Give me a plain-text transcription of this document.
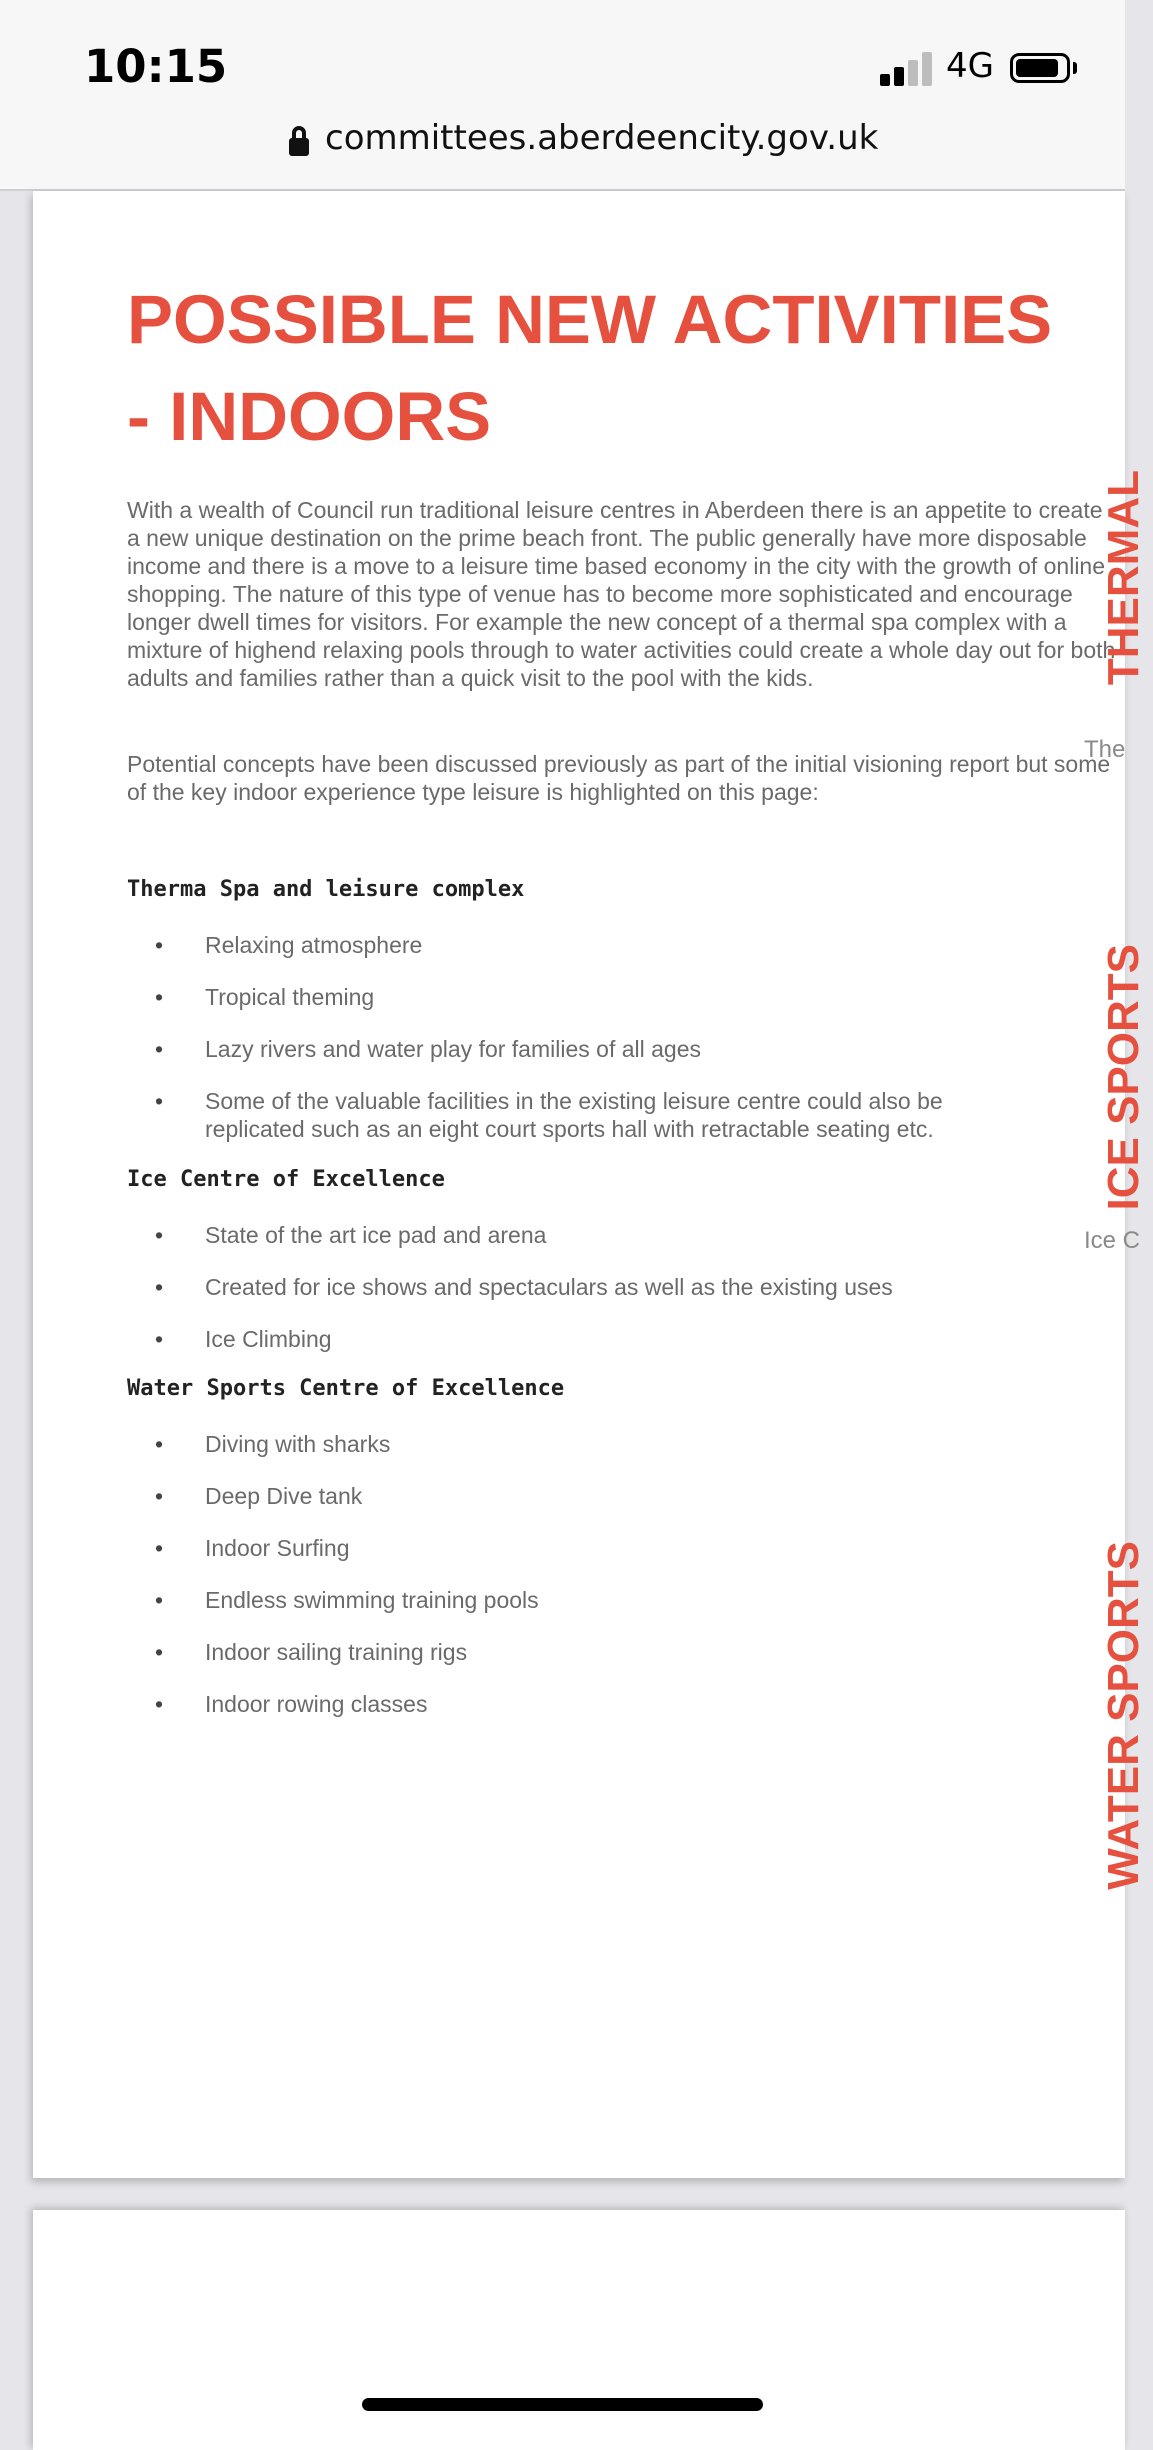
10:15	4G
committees.aberdeencity.gov.uk
POSSIBLE NEW ACTIVITIES - INDOORS

With a wealth of Council run traditional leisure centres in Aberdeen there is an appetite to create a new unique destination on the prime beach front. The public generally have more disposable income and there is a move to a leisure time based economy in the city with the growth of online shopping. The nature of this type of venue has to become more sophisticated and encourage longer dwell times for visitors. For example the new concept of a thermal spa complex with a mixture of highend relaxing pools through to water activities could create a whole day out for both adults and families rather than a quick visit to the pool with the kids.

Potential concepts have been discussed previously as part of the initial visioning report but some of the key indoor experience type leisure is highlighted on this page:

Therma Spa and leisure complex
• Relaxing atmosphere
• Tropical theming
• Lazy rivers and water play for families of all ages
• Some of the valuable facilities in the existing leisure centre could also be replicated such as an eight court sports hall with retractable seating etc.
Ice Centre of Excellence
• State of the art ice pad and arena
• Created for ice shows and spectaculars as well as the existing uses
• Ice Climbing
Water Sports Centre of Excellence
• Diving with sharks
• Deep Dive tank
• Indoor Surfing
• Endless swimming training pools
• Indoor sailing training rigs
• Indoor rowing classes
THERMAL
The
ICE SPORTS
Ice C
WATER SPORTS
